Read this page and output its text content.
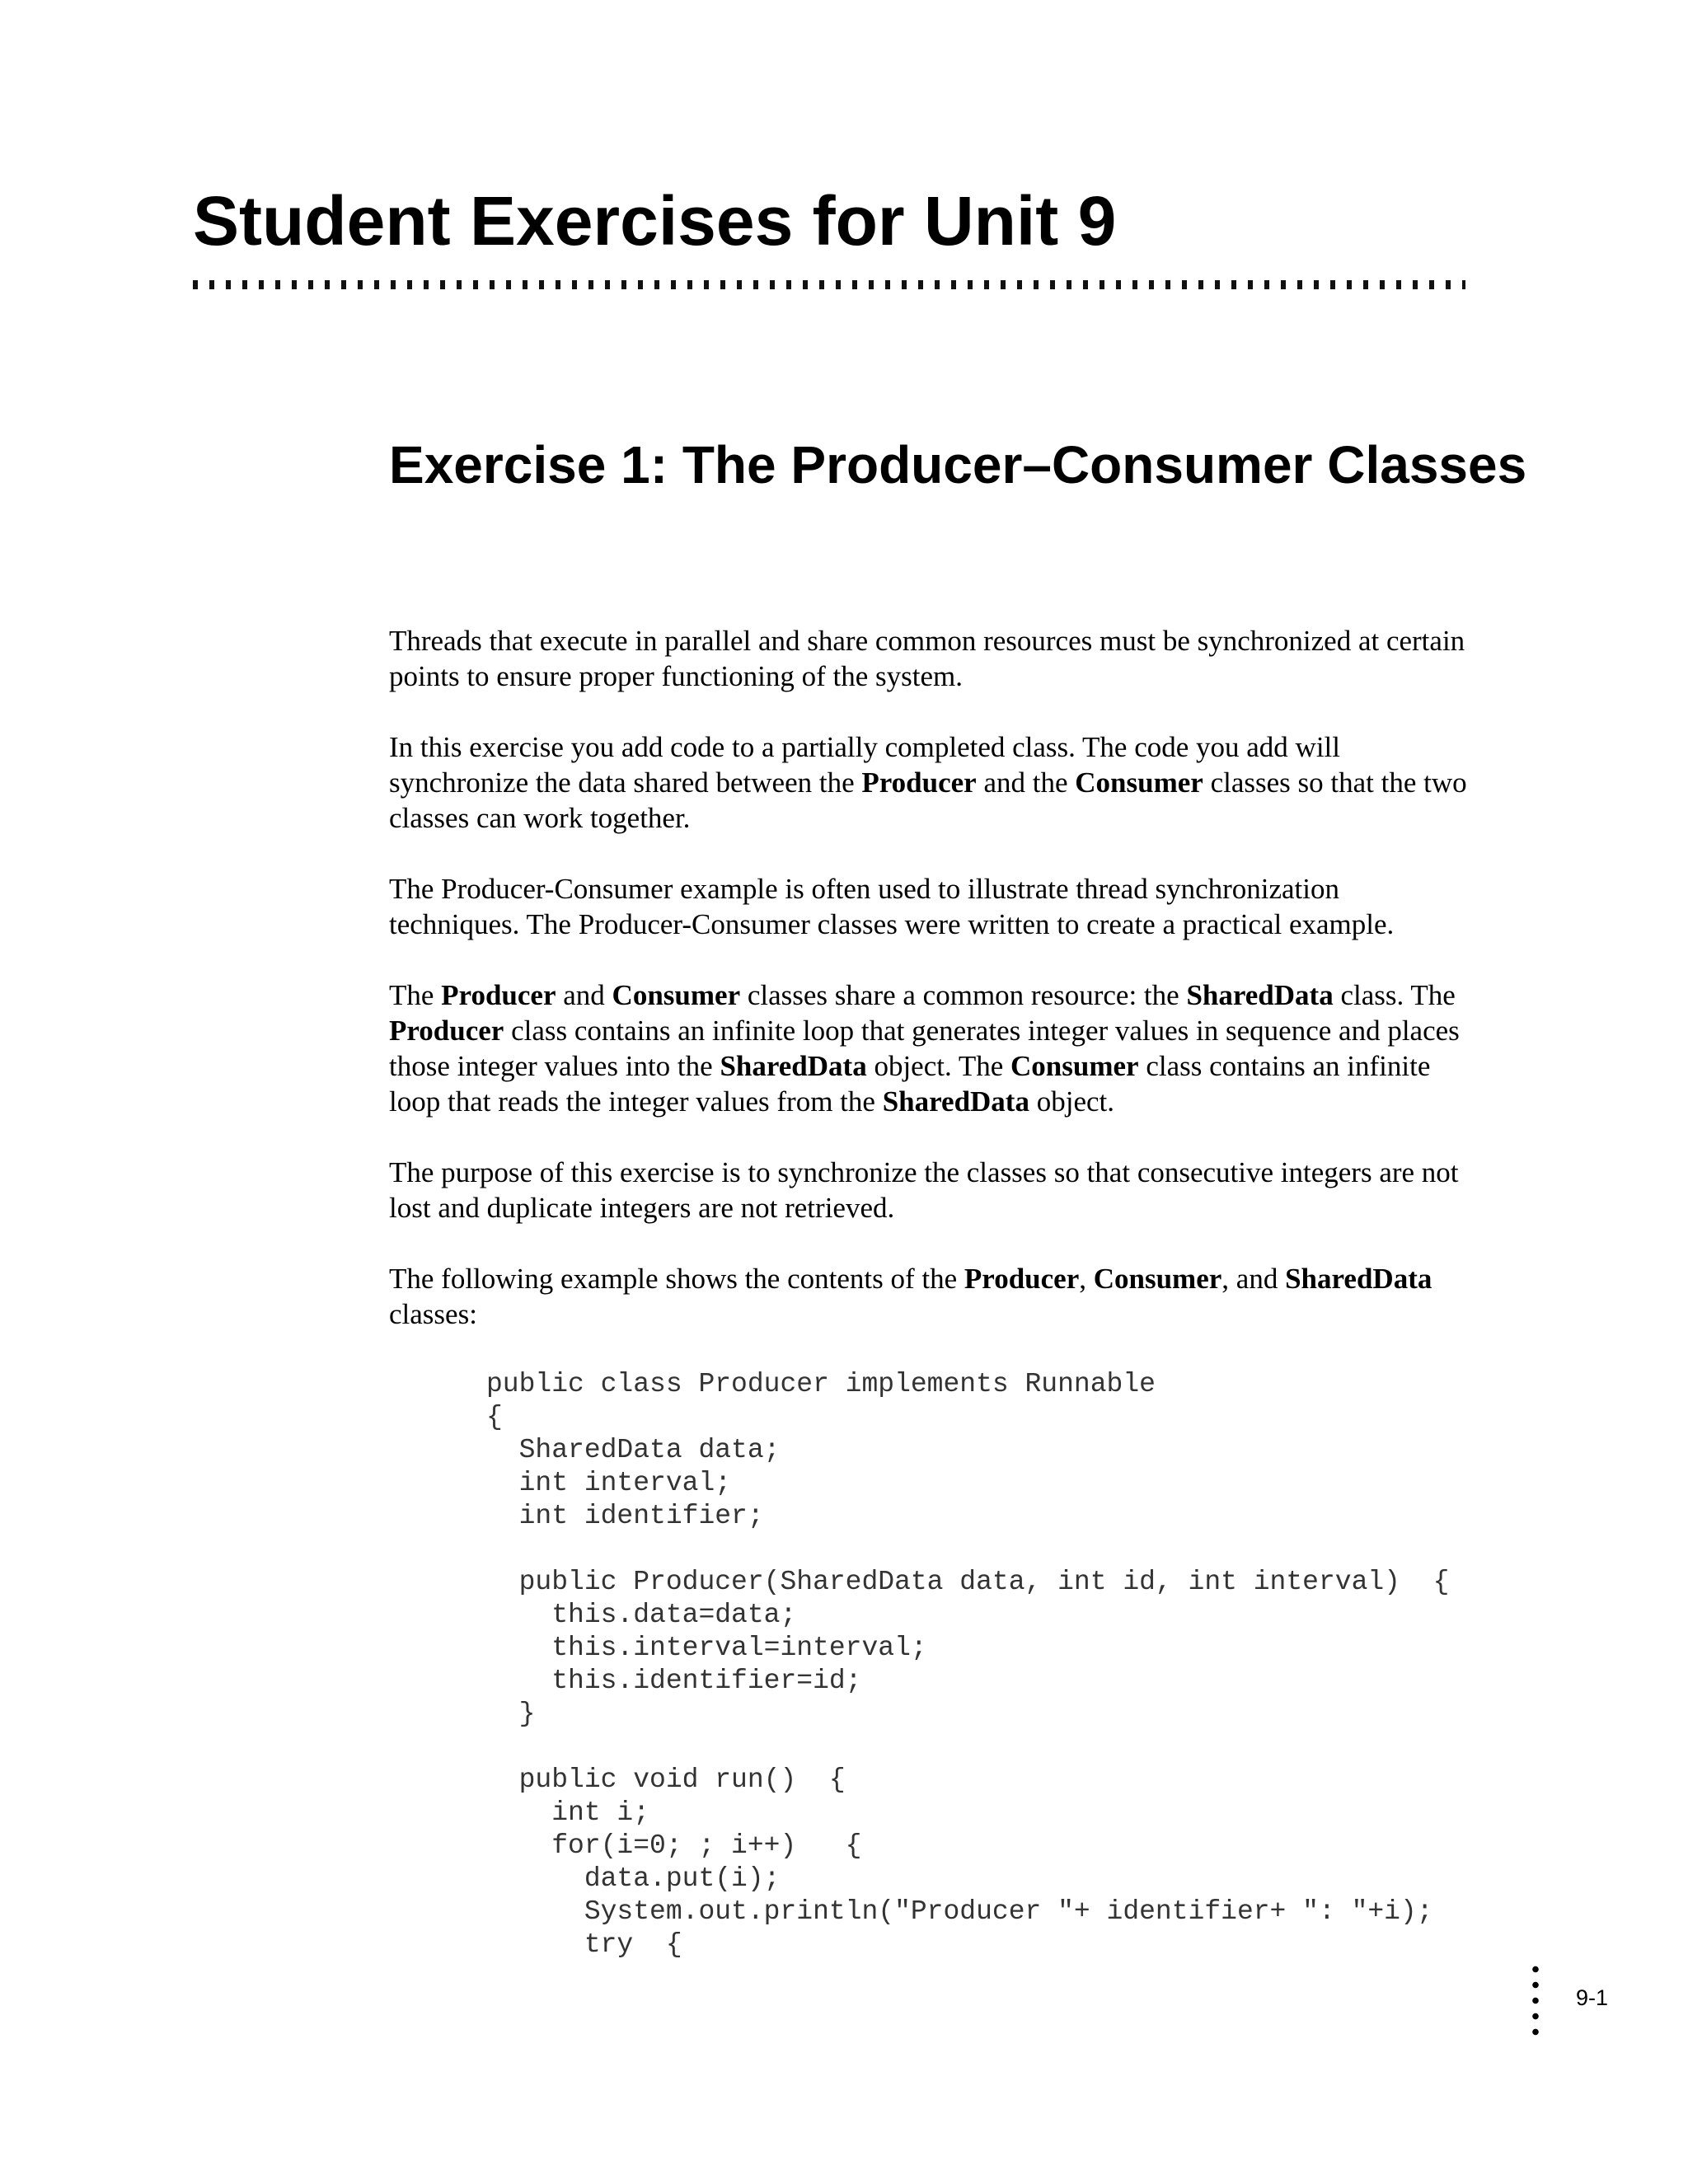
Student Exercises for Unit 9
Exercise 1: The Producer–Consumer Classes

Threads that execute in parallel and share common resources must be synchronized at certain points to ensure proper functioning of the system.

In this exercise you add code to a partially completed class. The code you add will synchronize the data shared between the Producer and the Consumer classes so that the two classes can work together.

The Producer-Consumer example is often used to illustrate thread synchronization techniques. The Producer-Consumer classes were written to create a practical example.

The Producer and Consumer classes share a common resource: the SharedData class. The Producer class contains an infinite loop that generates integer values in sequence and places those integer values into the SharedData object. The Consumer class contains an infinite loop that reads the integer values from the SharedData object.

The purpose of this exercise is to synchronize the classes so that consecutive integers are not lost and duplicate integers are not retrieved.

The following example shows the contents of the Producer, Consumer, and SharedData classes:

public class Producer implements Runnable
{
SharedData data;
int interval;
int identifier;

public Producer(SharedData data, int id, int interval)  {
this.data=data;
this.interval=interval;
this.identifier=id;
}

public void run()  {
int i;
for(i=0; ; i++)   {
data.put(i);
System.out.println("Producer "+ identifier+ ": "+i);
try  {
9-1
